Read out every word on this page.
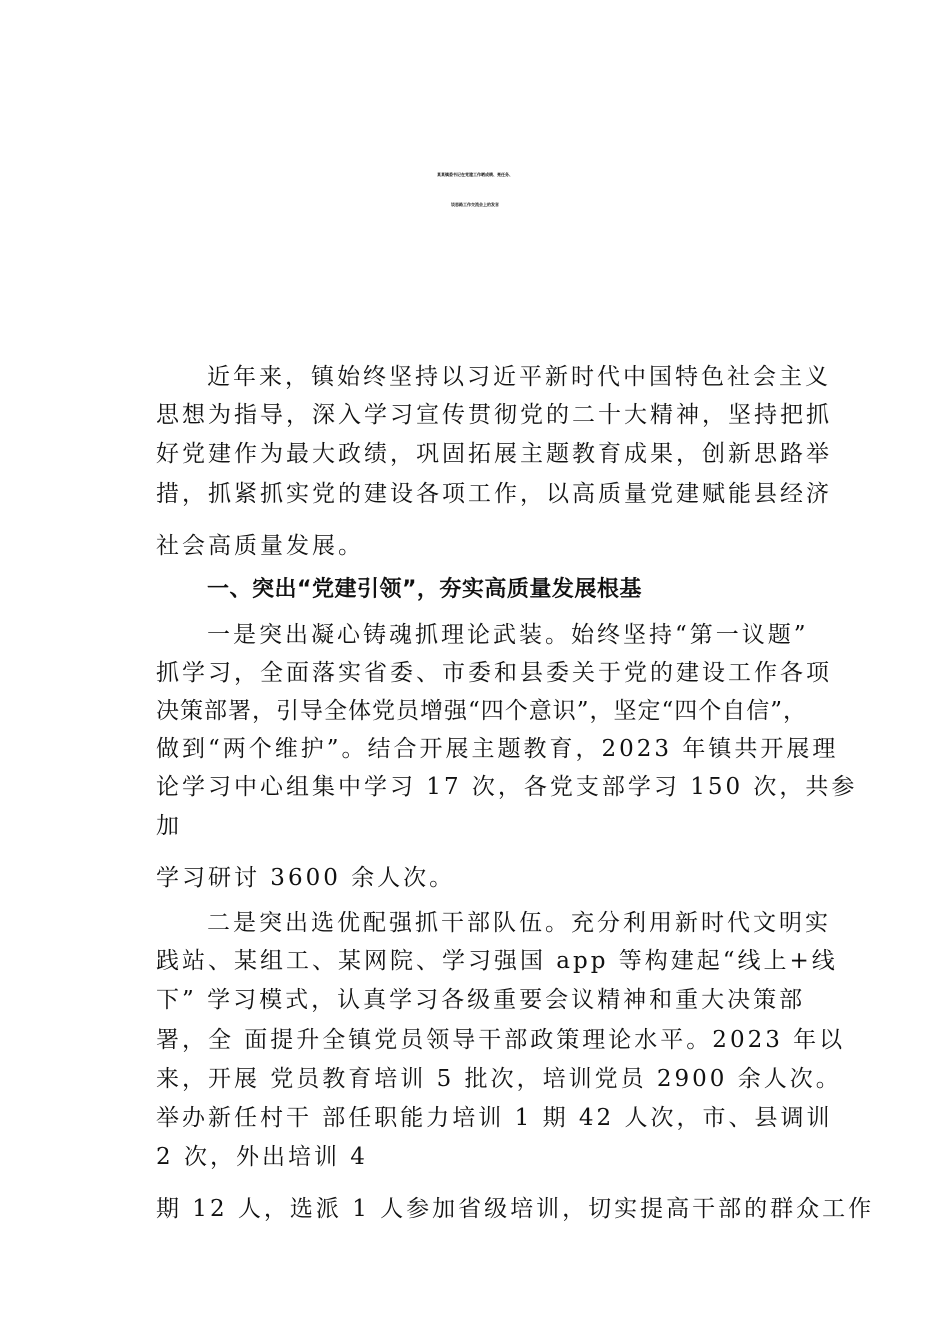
某某镇委书记在党建工作晒成绩、亮任务、
谈思路工作交流会上的发言
近年来，镇始终坚持以习近平新时代中国特色社会主义
思想为指导，深入学习宣传贯彻党的二十大精神，坚持把抓
好党建作为最大政绩，巩固拓展主题教育成果，创新思路举
措，抓紧抓实党的建设各项工作，以高质量党建赋能县经济
社会高质量发展。
一、突出“党建引领”，夯实高质量发展根基
一是突出凝心铸魂抓理论武装。始终坚持“第一议题”
抓学习，全面落实省委、市委和县委关于党的建设工作各项
决策部署，引导全体党员增强“四个意识”，坚定“四个自信”，
做到“两个维护”。结合开展主题教育，2023 年镇共开展理
论学习中心组集中学习 17 次，各党支部学习 150 次，共参
加
学习研讨 3600 余人次。
二是突出选优配强抓干部队伍。充分利用新时代文明实
践站、某组工、某网院、学习强国 app 等构建起“线上+线
下” 学习模式，认真学习各级重要会议精神和重大决策部
署，全 面提升全镇党员领导干部政策理论水平。2023 年以
来，开展 党员教育培训 5 批次，培训党员 2900 余人次。
举办新任村干 部任职能力培训 1 期 42 人次，市、县调训
2 次，外出培训 4
期 12 人，选派 1 人参加省级培训，切实提高干部的群众工作
